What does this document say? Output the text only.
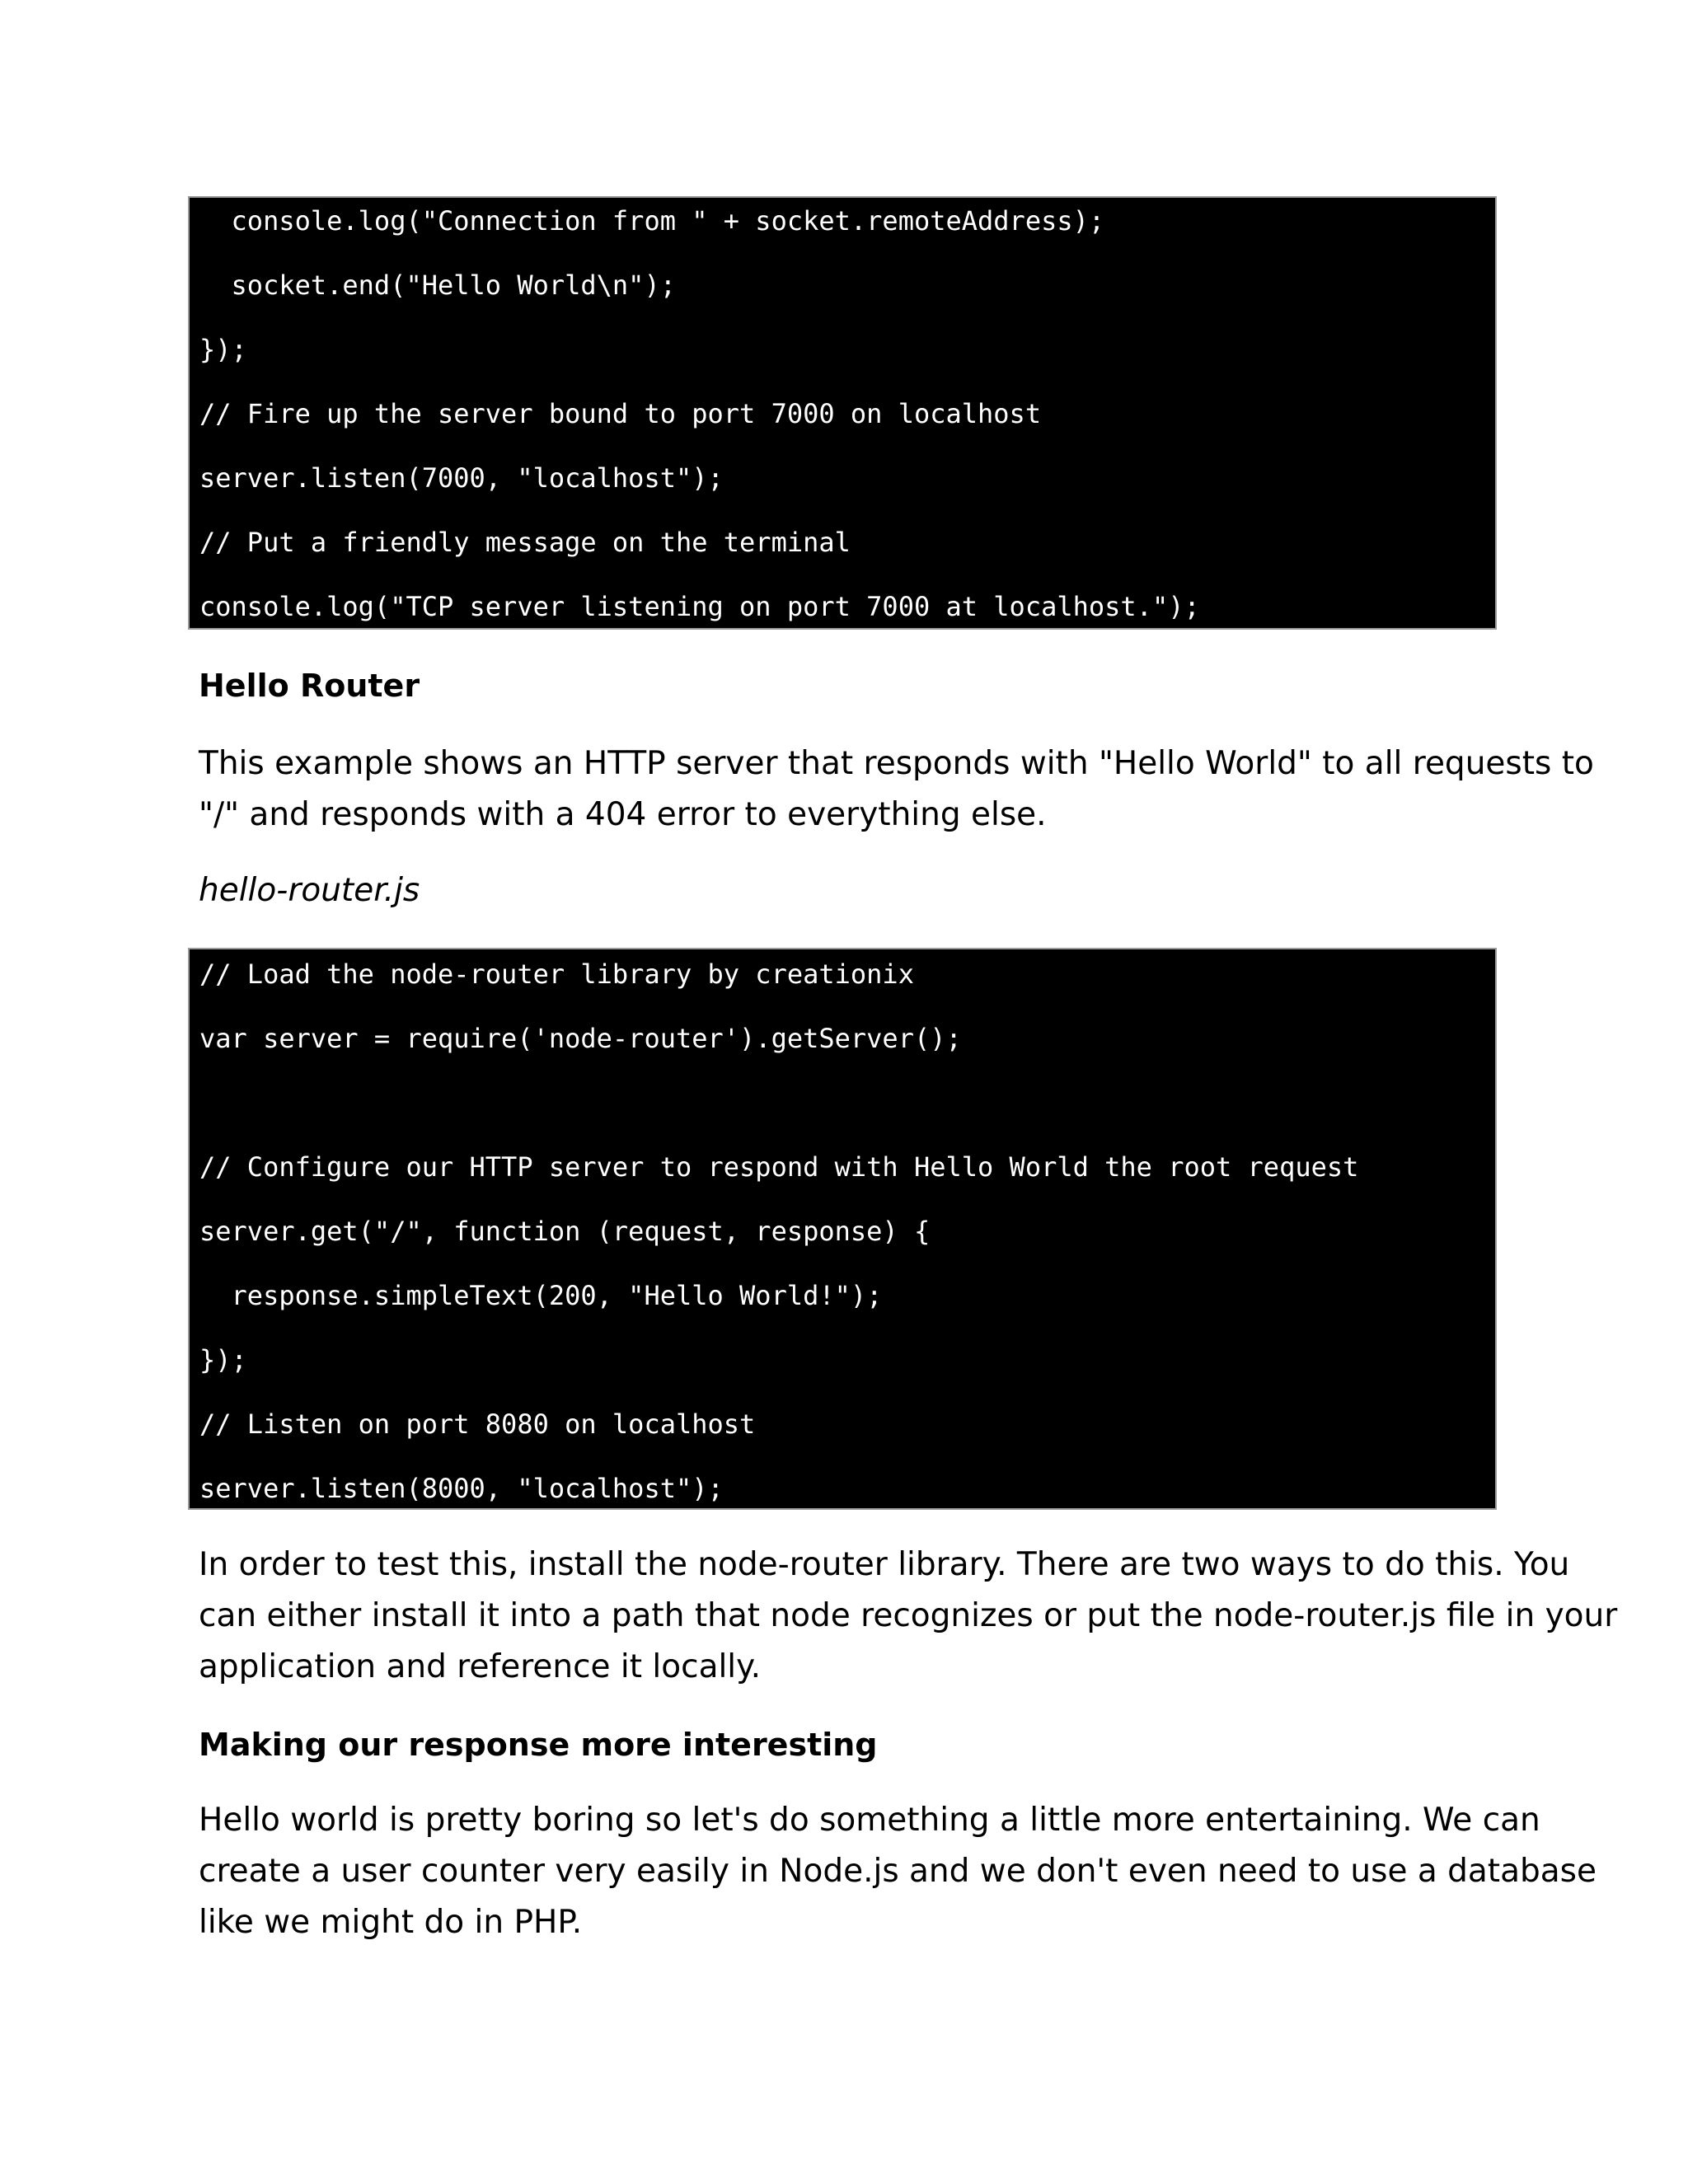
console.log("Connection from " + socket.remoteAddress);
socket.end("Hello World\n");
});
// Fire up the server bound to port 7000 on localhost
server.listen(7000, "localhost");
// Put a friendly message on the terminal
console.log("TCP server listening on port 7000 at localhost.");
Hello Router
This example shows an HTTP server that responds with "Hello World" to all requests to
"/" and responds with a 404 error to everything else.
hello-router.js
// Load the node-router library by creationix
var server = require('node-router').getServer();
// Configure our HTTP server to respond with Hello World the root request
server.get("/", function (request, response) {
response.simpleText(200, "Hello World!");
});
// Listen on port 8080 on localhost
server.listen(8000, "localhost");
In order to test this, install the node-router library. There are two ways to do this. You
can either install it into a path that node recognizes or put the node-router.js file in your
application and reference it locally.
Making our response more interesting
Hello world is pretty boring so let's do something a little more entertaining. We can
create a user counter very easily in Node.js and we don't even need to use a database
like we might do in PHP.
